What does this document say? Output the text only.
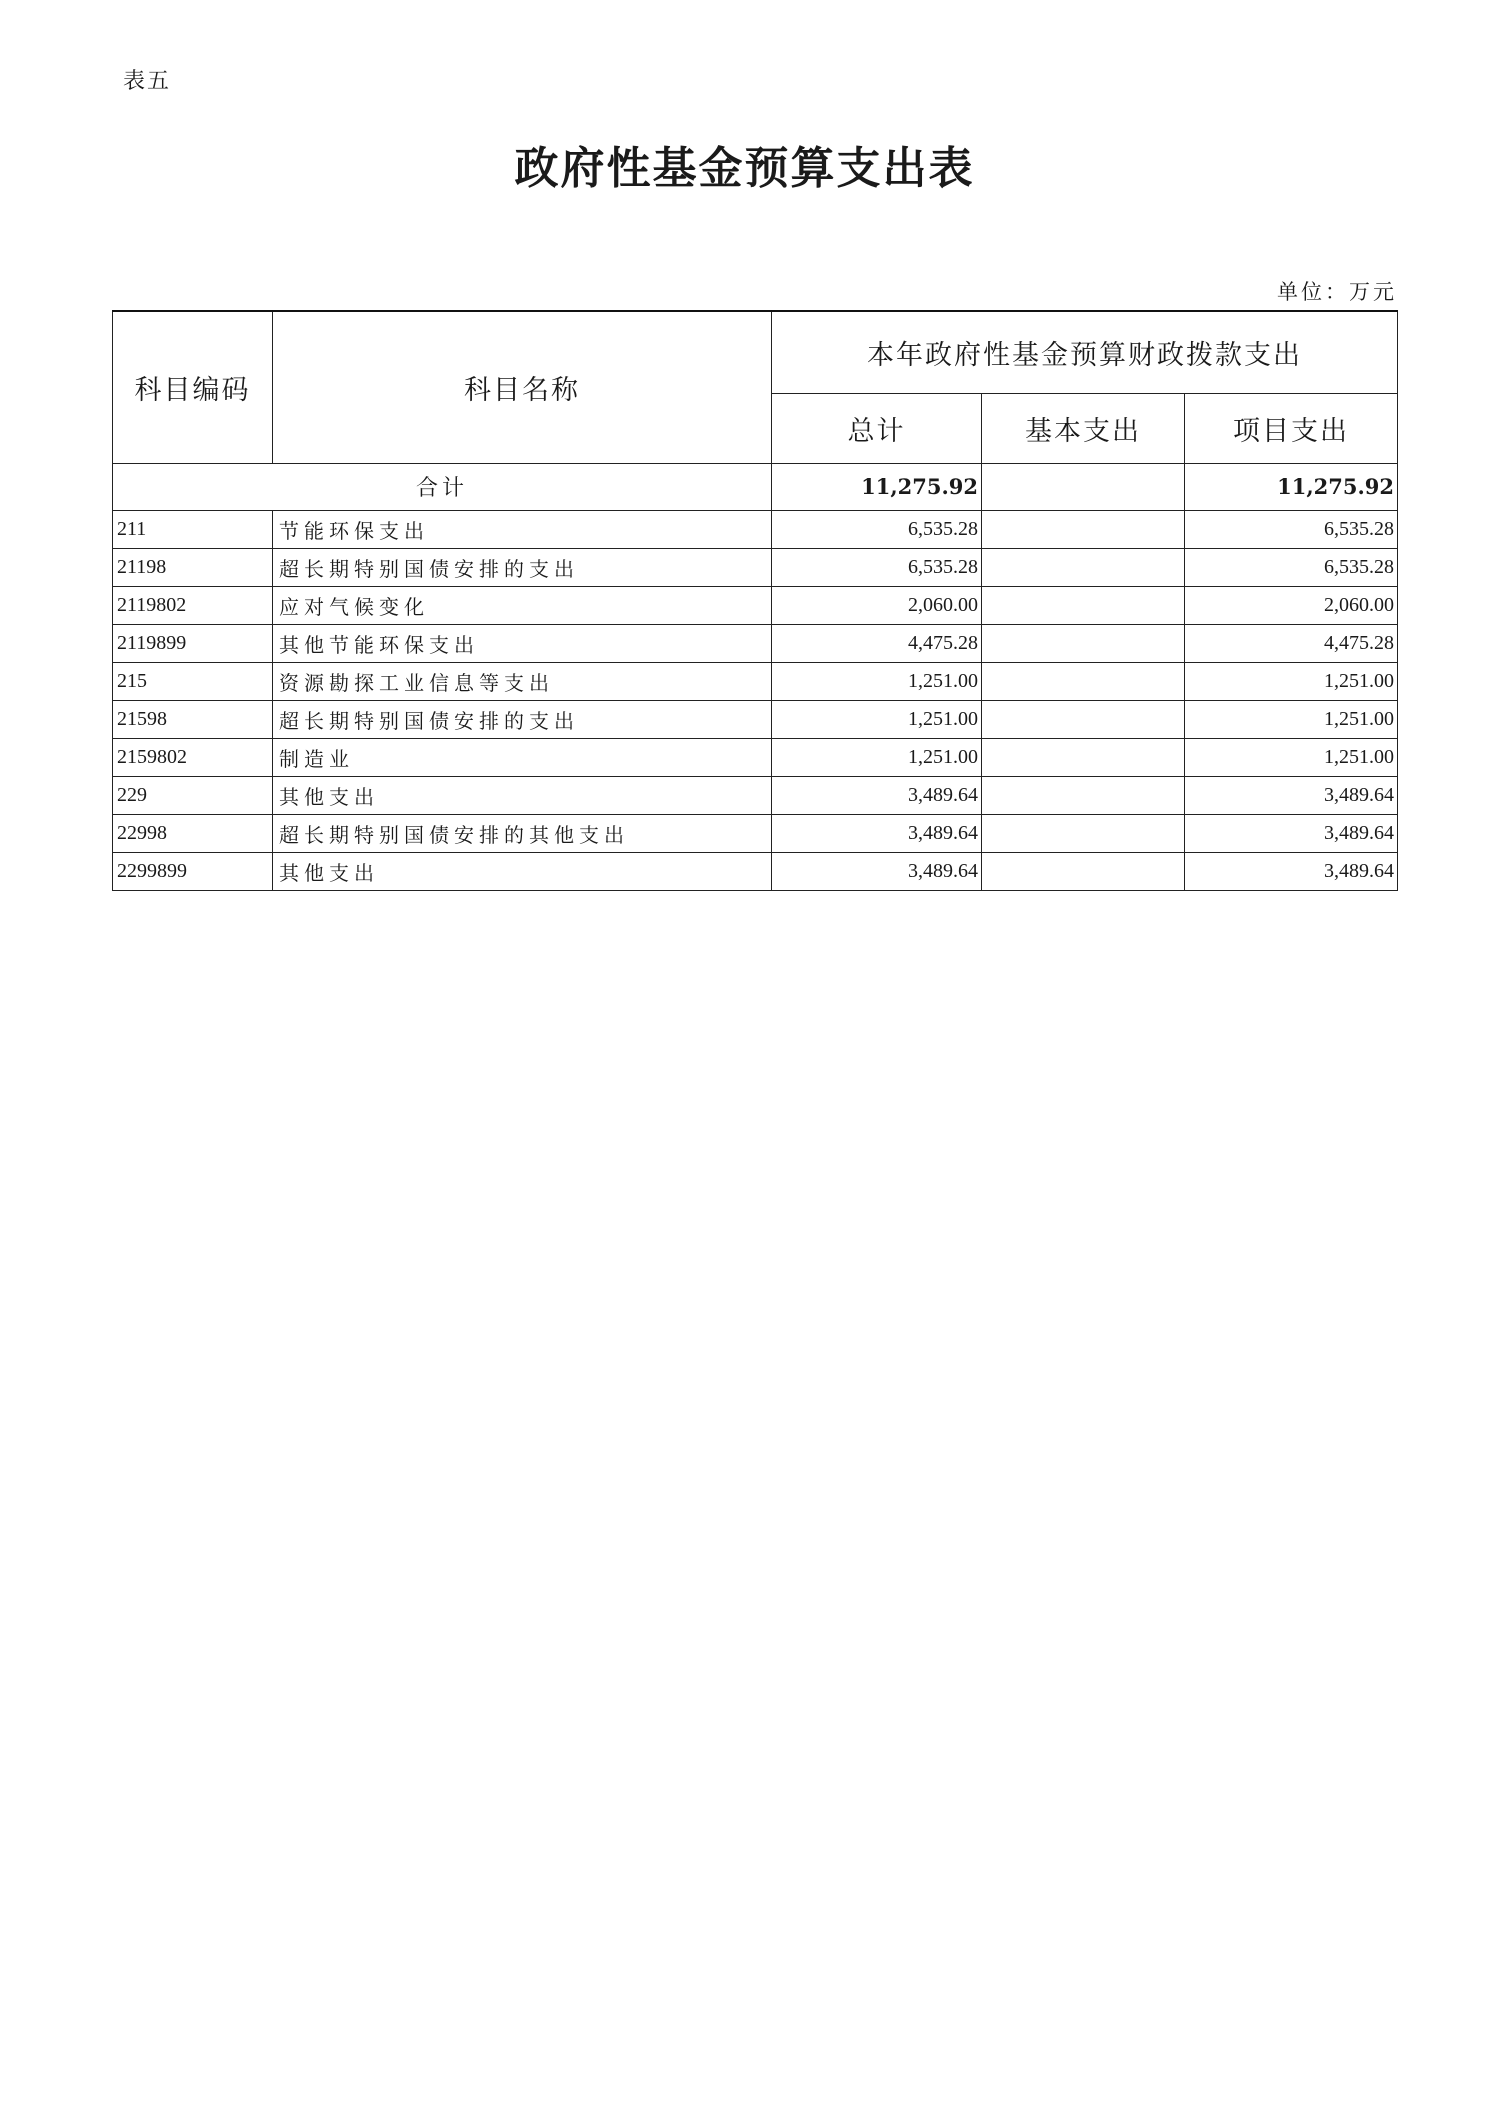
表五
政府性基金预算支出表
单位：万元
科目编码	科目名称	本年政府性基金预算财政拨款支出		
		总计	基本支出	项目支出
合计		11,275.92		11,275.92
211	节能环保支出	6,535.28		6,535.28
21198	超长期特别国债安排的支出	6,535.28		6,535.28
2119802	应对气候变化	2,060.00		2,060.00
2119899	其他节能环保支出	4,475.28		4,475.28
215	资源勘探工业信息等支出	1,251.00		1,251.00
21598	超长期特别国债安排的支出	1,251.00		1,251.00
2159802	制造业	1,251.00		1,251.00
229	其他支出	3,489.64		3,489.64
22998	超长期特别国债安排的其他支出	3,489.64		3,489.64
2299899	其他支出	3,489.64		3,489.64
